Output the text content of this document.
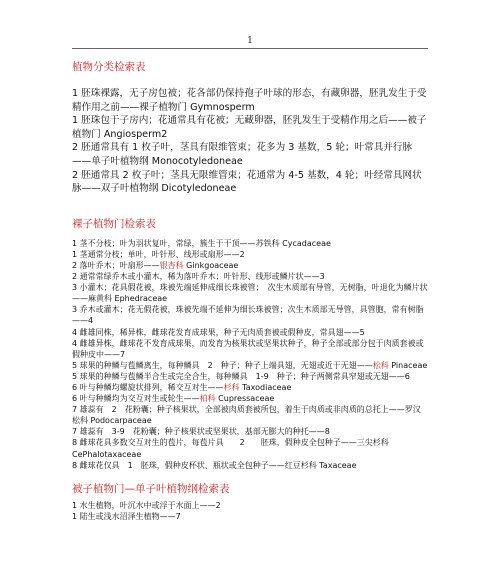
1

植物分类检索表

1 胚珠裸露，无子房包被；花各部仍保持孢子叶球的形态，有藏卵器，胚乳发生于受精作用之前——裸子植物门 Gymnosperm

1 胚珠包于子房内；花通常具有花被；无藏卵器，胚乳发生于受精作用之后——被子植物门 Angiosperm2

2 胚通常具有 1 枚子叶，茎具有限维管束；花多为 3 基数，5 轮；叶常具并行脉——单子叶植物纲 Monocotyledoneae

2 胚通常具 2 枚子叶；茎具无限维管束；花通常为 4-5 基数，4 轮；叶经常具网状脉——双子叶植物纲 Dicotyledoneae

裸子植物门检索表

1 茎不分枝；叶为羽状复叶，常绿，簇生于干顶——苏铁科 Cycadaceae

1 茎通常分枝；单叶，叶针形、线形或扇形——2

2 落叶乔木；叶扇形——银杏科 Ginkgoaceae

2 通常常绿乔木或小灌木，稀为落叶乔木；叶针形、线形或鳞片状——3

3 小灌木；花具假花被，珠被先端延伸成细长珠被管；　次生木质部有导管，无树脂，叶退化为鳞片状——麻黄科 Ephedraceae

3 乔木或灌木；花无假花被，珠被先端不延伸为细长珠被管；次生木质部无导管，具管胞，常有树脂——4

4 雌雄同株，稀异株，雌球花发育成球果，种子无肉质套被或假种皮，常具翅——5

4 雌雄异株，雌球花不发育成球果，而发育为核果状或坚果状种子，种子全部或部分包于肉质套被或假种皮中——7

5 球果的种鳞与苞鳞离生，每种鳞具　2　种子；种子上端具翅，无翅或近于无翅——松科 Pinaceae

5 球果的种鳞与苞鳞半合生或完全合生，每种鳞具　1-9　种子；种子两侧常具窄翅或无翅——6

6 叶与种鳞均螺旋状排列，稀交互对生——杉科 Taxodiaceae

6 叶与种鳞均为交互对生或轮生——柏科 Cupressaceae

7 雄蕊有　2　花粉囊；种子核果状，全部被肉质套被所包，着生于肉质或非肉质的总托上——罗汉松科 Podocarpaceae

7 雄蕊有　3-9　花粉囊；种子核果状或坚果状，基部无膨大的种托——8

8 雌球花具多数交互对生的苞片，每苞片具　　2　　胚珠，假种皮全包种子——三尖杉科 CePhalotaxaceae

8 雌球花仅具　1　胚珠，假种皮杯状、瓶状或全包种子——红豆杉科 Taxaceae

被子植物门—单子叶植物纲检索表

1 水生植物，叶沉水中或浮于水面上——2

1 陆生或浅水沼泽生植物——7
